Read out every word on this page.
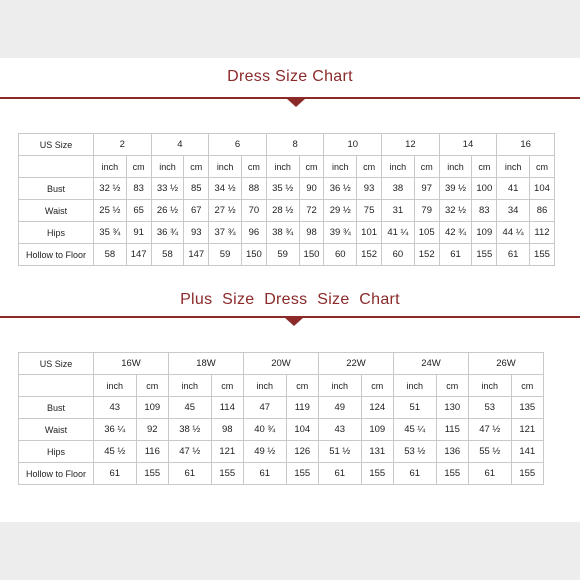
Dress Size Chart
US Size	2		4		6		8		10		12		14		16	
	inch	cm	inch	cm	inch	cm	inch	cm	inch	cm	inch	cm	inch	cm	inch	cm
Bust	32 ½	83	33 ½	85	34 ½	88	35 ½	90	36 ½	93	38	97	39 ½	100	41	104
Waist	25 ½	65	26 ½	67	27 ½	70	28 ½	72	29 ½	75	31	79	32 ½	83	34	86
Hips	35 ¾	91	36 ¾	93	37 ¾	96	38 ¾	98	39 ¾	101	41 ¼	105	42 ¾	109	44 ¼	112
Hollow to Floor	58	147	58	147	59	150	59	150	60	152	60	152	61	155	61	155
Plus Size Dress Size Chart
US Size	16W		18W		20W		22W		24W		26W	
	inch	cm	inch	cm	inch	cm	inch	cm	inch	cm	inch	cm
Bust	43	109	45	114	47	119	49	124	51	130	53	135
Waist	36 ¼	92	38 ½	98	40 ¾	104	43	109	45 ¼	115	47 ½	121
Hips	45 ½	116	47 ½	121	49 ½	126	51 ½	131	53 ½	136	55 ½	141
Hollow to Floor	61	155	61	155	61	155	61	155	61	155	61	155
